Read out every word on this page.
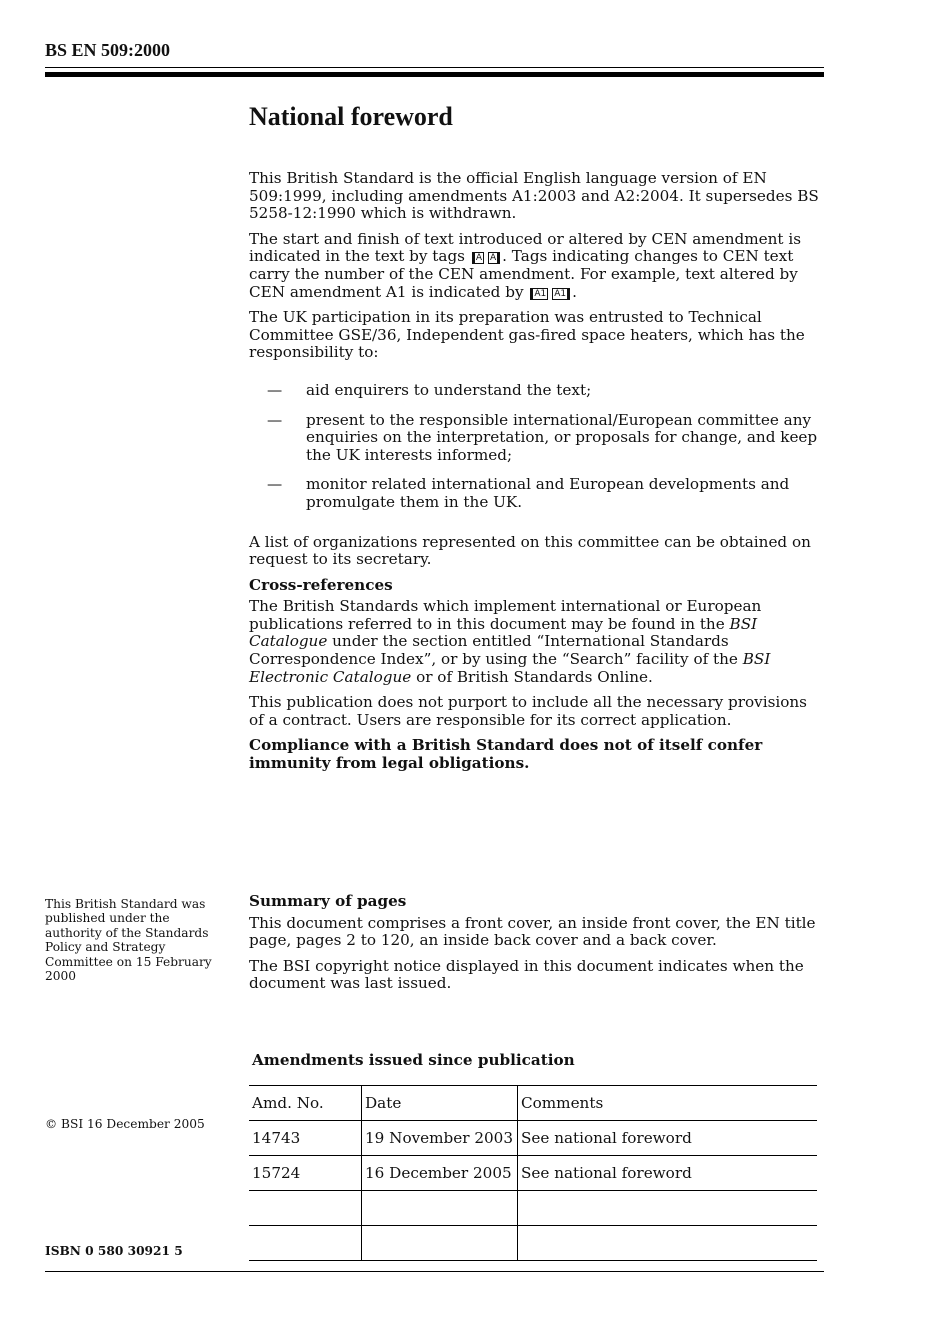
BS EN 509:2000
National foreword

This British Standard is the official English language version of EN 509:1999, including amendments A1:2003 and A2:2004. It supersedes BS 5258-12:1990 which is withdrawn.

The start and finish of text introduced or altered by CEN amendment is indicated in the text by tags A A . Tags indicating changes to CEN text carry the number of the CEN amendment. For example, text altered by CEN amendment A1 is indicated by A1 A1 .

The UK participation in its preparation was entrusted to Technical Committee GSE/36, Independent gas-fired space heaters, which has the responsibility to:

—	aid enquirers to understand the text;
—	present to the responsible international/European committee any enquiries on the interpretation, or proposals for change, and keep the UK interests informed;
—	monitor related international and European developments and promulgate them in the UK.

A list of organizations represented on this committee can be obtained on request to its secretary.

Cross-references

The British Standards which implement international or European publications referred to in this document may be found in the BSI Catalogue under the section entitled “International Standards Correspondence Index”, or by using the “Search” facility of the BSI Electronic Catalogue or of British Standards Online.

This publication does not purport to include all the necessary provisions of a contract. Users are responsible for its correct application.

Compliance with a British Standard does not of itself confer immunity from legal obligations.

This British Standard was published under the authority of the Standards Policy and Strategy Committee on 15 February 2000

Summary of pages

This document comprises a front cover, an inside front cover, the EN title page, pages 2 to 120, an inside back cover and a back cover.

The BSI copyright notice displayed in this document indicates when the document was last issued.

Amendments issued since publication
Amd. No.	Date	Comments
14743	19 November 2003	See national foreword
15724	16 December 2005	See national foreword

© BSI 16 December 2005
ISBN 0 580 30921 5
